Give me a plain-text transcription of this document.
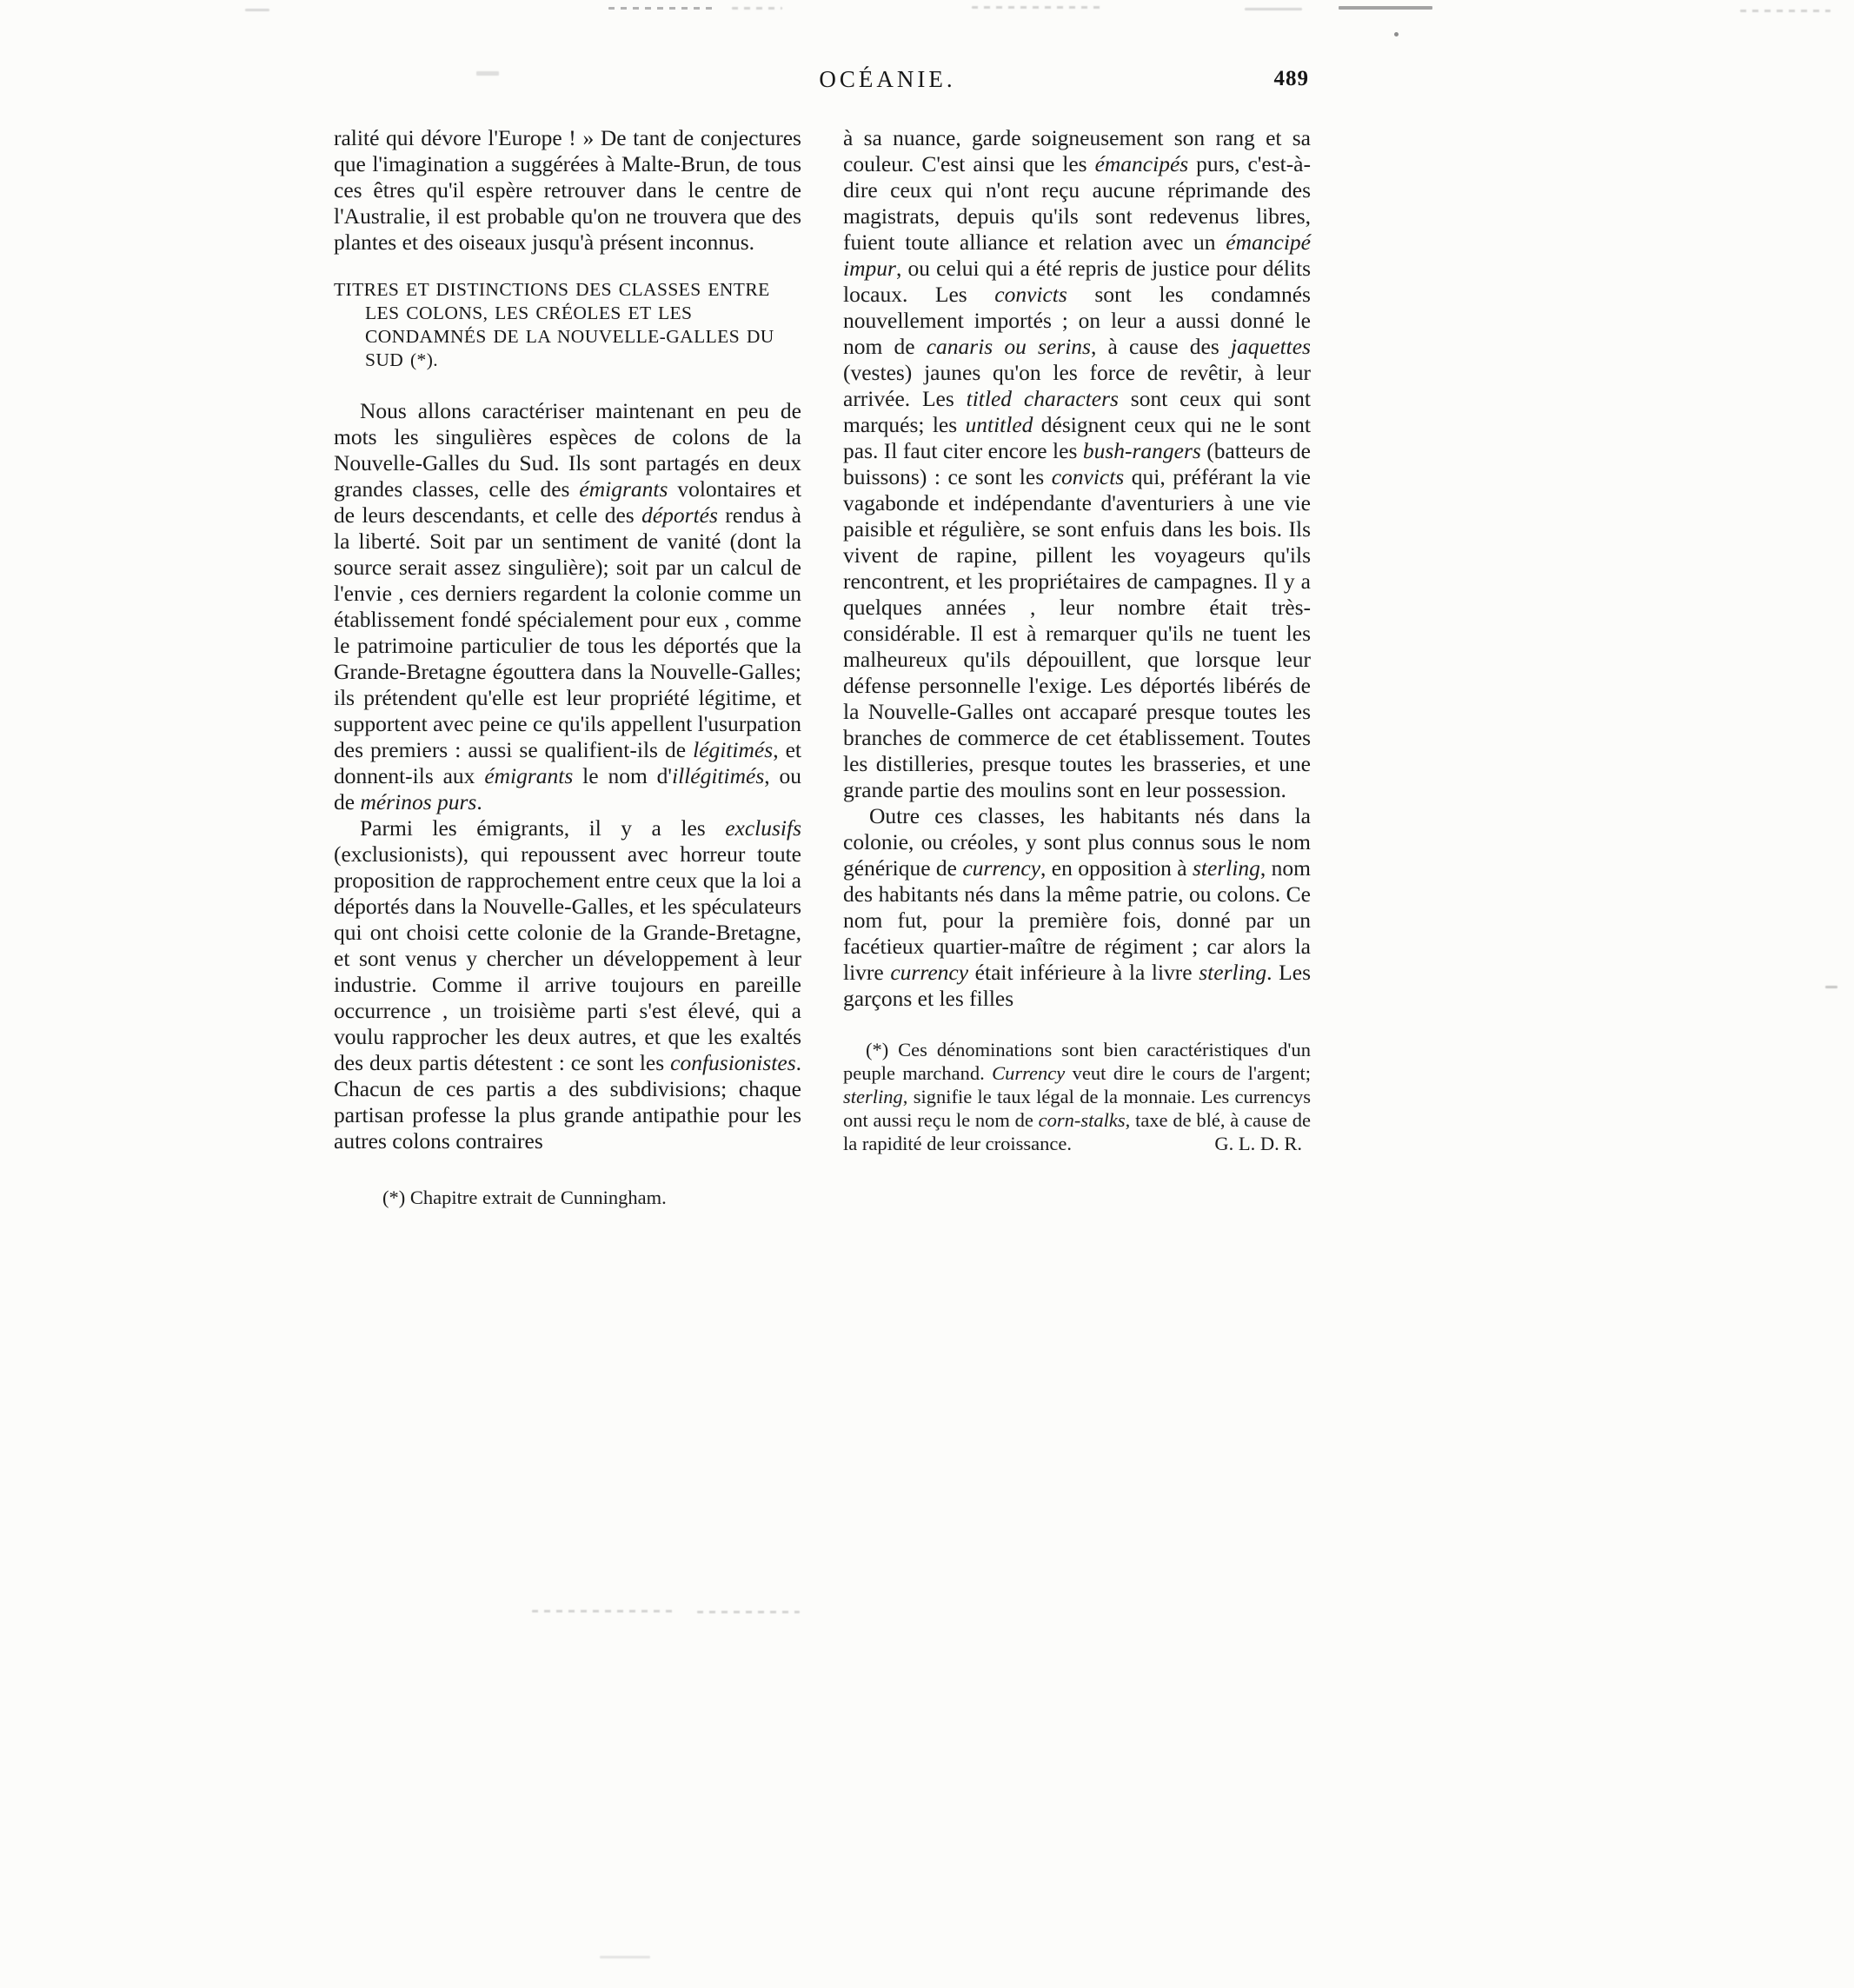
OCÉANIE.	489
ralité qui dévore l'Europe ! » De tant de conjectures que l'imagination a suggérées à Malte-Brun, de tous ces êtres qu'il espère retrouver dans le centre de l'Australie, il est probable qu'on ne trouvera que des plantes et des oiseaux jusqu'à présent inconnus.
TITRES ET DISTINCTIONS DES CLASSES ENTRE LES COLONS, LES CRÉOLES ET LES CONDAMNÉS DE LA NOUVELLE-GALLES DU SUD (*).
Nous allons caractériser maintenant en peu de mots les singulières espèces de colons de la Nouvelle-Galles du Sud. Ils sont partagés en deux grandes classes, celle des émigrants volontaires et de leurs descendants, et celle des déportés rendus à la liberté. Soit par un sentiment de vanité (dont la source serait assez singulière); soit par un calcul de l'envie , ces derniers regardent la colonie comme un établissement fondé spécialement pour eux , comme le patrimoine particulier de tous les déportés que la Grande-Bretagne égouttera dans la Nouvelle-Galles; ils prétendent qu'elle est leur propriété légitime, et supportent avec peine ce qu'ils appellent l'usurpation des premiers : aussi se qualifient-ils de légitimés, et donnent-ils aux émigrants le nom d'illégitimés, ou de mérinos purs.
Parmi les émigrants, il y a les exclusifs (exclusionists), qui repoussent avec horreur toute proposition de rapprochement entre ceux que la loi a déportés dans la Nouvelle-Galles, et les spéculateurs qui ont choisi cette colonie de la Grande-Bretagne, et sont venus y chercher un développement à leur industrie. Comme il arrive toujours en pareille occurrence , un troisième parti s'est élevé, qui a voulu rapprocher les deux autres, et que les exaltés des deux partis détestent : ce sont les confusionistes. Chacun de ces partis a des subdivisions; chaque partisan professe la plus grande antipathie pour les autres colons contraires
(*) Chapitre extrait de Cunningham.
à sa nuance, garde soigneusement son rang et sa couleur. C'est ainsi que les émancipés purs, c'est-à-dire ceux qui n'ont reçu aucune réprimande des magistrats, depuis qu'ils sont redevenus libres, fuient toute alliance et relation avec un émancipé impur, ou celui qui a été repris de justice pour délits locaux. Les convicts sont les condamnés nouvellement importés ; on leur a aussi donné le nom de canaris ou serins, à cause des jaquettes (vestes) jaunes qu'on les force de revêtir, à leur arrivée. Les titled characters sont ceux qui sont marqués; les untitled désignent ceux qui ne le sont pas. Il faut citer encore les bush-rangers (batteurs de buissons) : ce sont les convicts qui, préférant la vie vagabonde et indépendante d'aventuriers à une vie paisible et régulière, se sont enfuis dans les bois. Ils vivent de rapine, pillent les voyageurs qu'ils rencontrent, et les propriétaires de campagnes. Il y a quelques années , leur nombre était très-considérable. Il est à remarquer qu'ils ne tuent les malheureux qu'ils dépouillent, que lorsque leur défense personnelle l'exige. Les déportés libérés de la Nouvelle-Galles ont accaparé presque toutes les branches de commerce de cet établissement. Toutes les distilleries, presque toutes les brasseries, et une grande partie des moulins sont en leur possession.
Outre ces classes, les habitants nés dans la colonie, ou créoles, y sont plus connus sous le nom générique de currency, en opposition à sterling, nom des habitants nés dans la même patrie, ou colons. Ce nom fut, pour la première fois, donné par un facétieux quartier-maître de régiment ; car alors la livre currency était inférieure à la livre sterling. Les garçons et les filles
(*) Ces dénominations sont bien caractéristiques d'un peuple marchand. Currency veut dire le cours de l'argent; sterling, signifie le taux légal de la monnaie. Les currencys ont aussi reçu le nom de corn-stalks, taxe de blé, à cause de la rapidité de leur croissance.	G. L. D. R.
